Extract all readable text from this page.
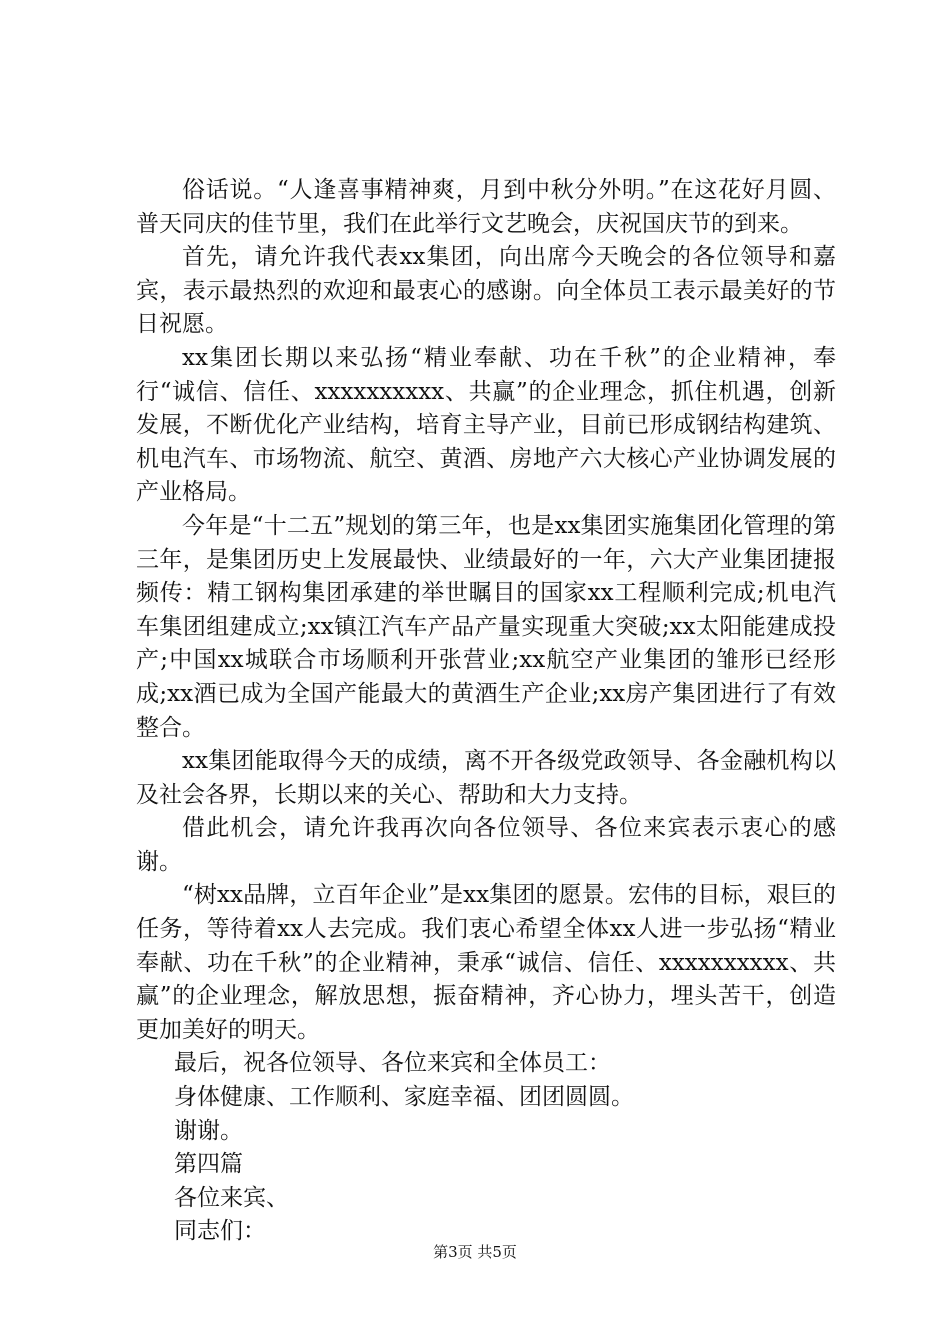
俗话说。“人逢喜事精神爽，月到中秋分外明。”在这花好月圆、普天同庆的佳节里，我们在此举行文艺晚会，庆祝国庆节的到来。

首先，请允许我代表xx集团，向出席今天晚会的各位领导和嘉宾，表示最热烈的欢迎和最衷心的感谢。向全体员工表示最美好的节日祝愿。

xx集团长期以来弘扬“精业奉献、功在千秋”的企业精神，奉行“诚信、信任、xxxxxxxxxx、共赢”的企业理念，抓住机遇，创新发展，不断优化产业结构，培育主导产业，目前已形成钢结构建筑、机电汽车、市场物流、航空、黄酒、房地产六大核心产业协调发展的产业格局。

今年是“十二五”规划的第三年，也是xx集团实施集团化管理的第三年，是集团历史上发展最快、业绩最好的一年，六大产业集团捷报频传：精工钢构集团承建的举世瞩目的国家xx工程顺利完成;机电汽车集团组建成立;xx镇江汽车产品产量实现重大突破;xx太阳能建成投产;中国xx城联合市场顺利开张营业;xx航空产业集团的雏形已经形成;xx酒已成为全国产能最大的黄酒生产企业;xx房产集团进行了有效整合。

xx集团能取得今天的成绩，离不开各级党政领导、各金融机构以及社会各界，长期以来的关心、帮助和大力支持。

借此机会，请允许我再次向各位领导、各位来宾表示衷心的感谢。

“树xx品牌，立百年企业”是xx集团的愿景。宏伟的目标，艰巨的任务，等待着xx人去完成。我们衷心希望全体xx人进一步弘扬“精业奉献、功在千秋”的企业精神，秉承“诚信、信任、xxxxxxxxxx、共赢”的企业理念，解放思想，振奋精神，齐心协力，埋头苦干，创造更加美好的明天。

最后，祝各位领导、各位来宾和全体员工：

身体健康、工作顺利、家庭幸福、团团圆圆。

谢谢。

第四篇

各位来宾、

同志们：

第3页 共5页
